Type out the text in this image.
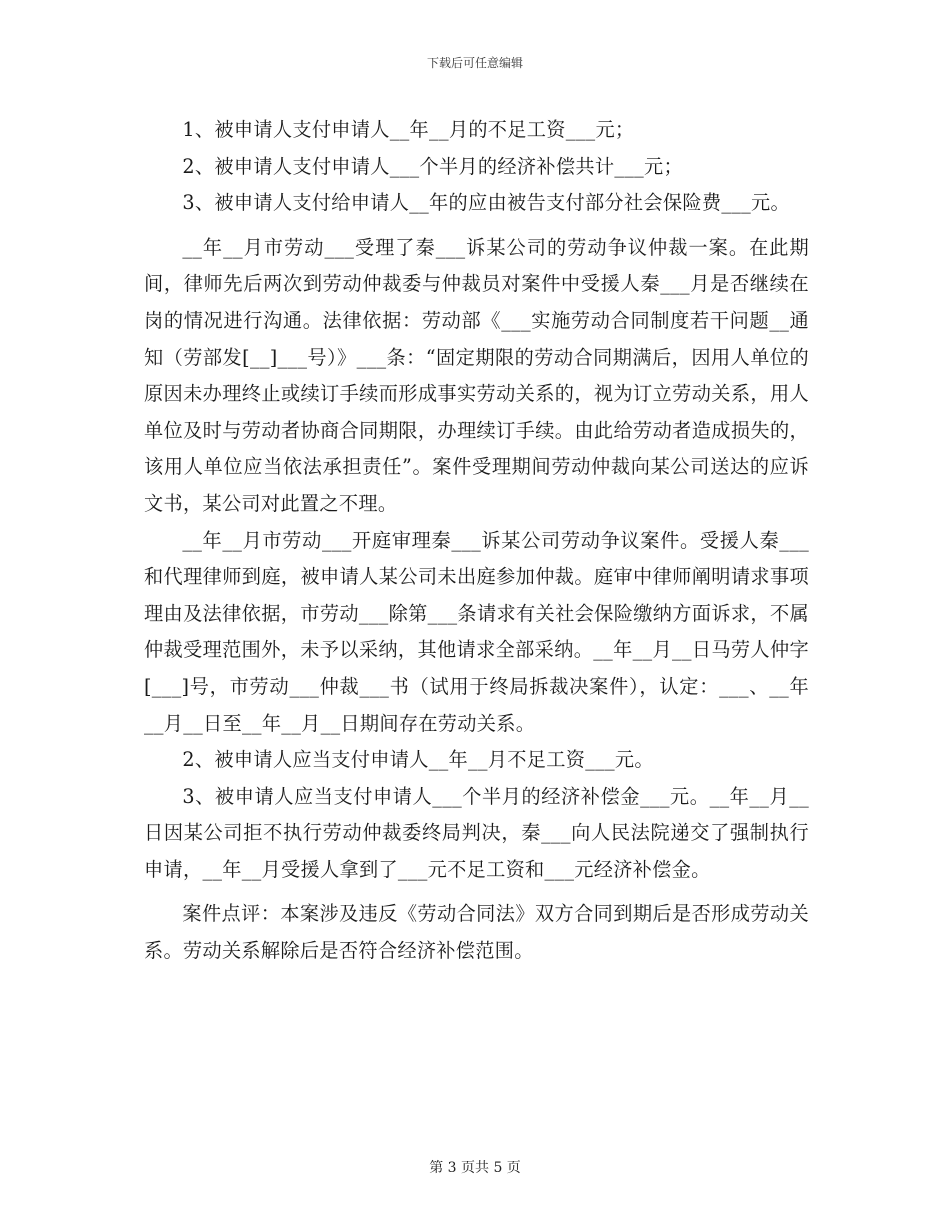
下载后可任意编辑

1、被申请人支付申请人__年__月的不足工资___元；

2、被申请人支付申请人___个半月的经济补偿共计___元；

3、被申请人支付给申请人__年的应由被告支付部分社会保险费___元。

__年__月市劳动___受理了秦___诉某公司的劳动争议仲裁一案。在此期间，律师先后两次到劳动仲裁委与仲裁员对案件中受援人秦___月是否继续在岗的情况进行沟通。法律依据：劳动部《___实施劳动合同制度若干问题__通知（劳部发[__]___号）》___条：“固定期限的劳动合同期满后，因用人单位的原因未办理终止或续订手续而形成事实劳动关系的，视为订立劳动关系，用人单位及时与劳动者协商合同期限，办理续订手续。由此给劳动者造成损失的，该用人单位应当依法承担责任”。案件受理期间劳动仲裁向某公司送达的应诉文书，某公司对此置之不理。

__年__月市劳动___开庭审理秦___诉某公司劳动争议案件。受援人秦___和代理律师到庭，被申请人某公司未出庭参加仲裁。庭审中律师阐明请求事项理由及法律依据，市劳动___除第___条请求有关社会保险缴纳方面诉求，不属仲裁受理范围外，未予以采纳，其他请求全部采纳。__年__月__日马劳人仲字[___]号，市劳动___仲裁___书（试用于终局拆裁决案件），认定：___、__年__月__日至__年__月__日期间存在劳动关系。

2、被申请人应当支付申请人__年__月不足工资___元。

3、被申请人应当支付申请人___个半月的经济补偿金___元。__年__月__日因某公司拒不执行劳动仲裁委终局判决，秦___向人民法院递交了强制执行申请，__年__月受援人拿到了___元不足工资和___元经济补偿金。

案件点评：本案涉及违反《劳动合同法》双方合同到期后是否形成劳动关系。劳动关系解除后是否符合经济补偿范围。

第 3 页共 5 页
